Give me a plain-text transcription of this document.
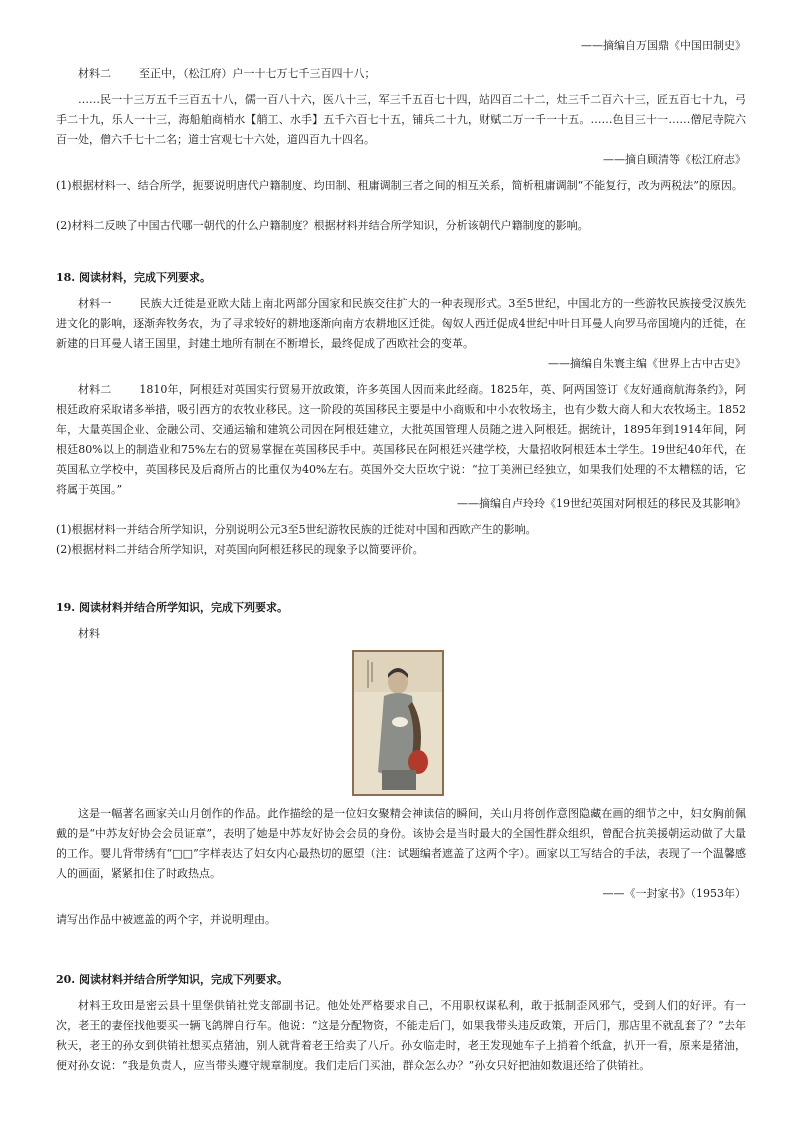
——摘编自万国鼎《中国田制史》

材料二	至正中，（松江府）户一十七万七千三百四十八；

……民一十三万五千三百五十八，儒一百八十六，医八十三，军三千五百七十四，站四百二十二，灶三千二百六十三，匠五百七十九，弓手二十九，乐人一十三，海船舶商梢水【艄工、水手】五千六百七十五，铺兵二十九，财赋二万一千一十五。……色目三十一……僧尼寺院六百一处，僧六千七十二名；道士宫观七十六处，道四百九十四名。

——摘自顾清等《松江府志》

(1)根据材料一、结合所学，扼要说明唐代户籍制度、均田制、租庸调制三者之间的相互关系，简析租庸调制“不能复行，改为两税法”的原因。

(2)材料二反映了中国古代哪一朝代的什么户籍制度？根据材料并结合所学知识，分析该朝代户籍制度的影响。

18. 阅读材料，完成下列要求。

材料一	民族大迁徙是亚欧大陆上南北两部分国家和民族交往扩大的一种表现形式。3至5世纪，中国北方的一些游牧民族接受汉族先进文化的影响，逐渐奔牧务农，为了寻求较好的耕地逐渐向南方农耕地区迁徙。匈奴人西迁促成4世纪中叶日耳曼人向罗马帝国境内的迁徙，在新建的日耳曼人诸王国里，封建土地所有制在不断增长，最终促成了西欧社会的变革。

——摘编自朱寰主编《世界上古中古史》

材料二	1810年，阿根廷对英国实行贸易开放政策，许多英国人因而来此经商。1825年，英、阿两国签订《友好通商航海条约》，阿根廷政府采取诸多举措，吸引西方的农牧业移民。这一阶段的英国移民主要是中小商贩和中小农牧场主，也有少数大商人和大农牧场主。1852年，大量英国企业、金融公司、交通运输和建筑公司因在阿根廷建立，大批英国管理人员随之进入阿根廷。据统计，1895年到1914年间，阿根廷80%以上的制造业和75%左右的贸易掌握在英国移民手中。英国移民在阿根廷兴建学校，大量招收阿根廷本土学生。19世纪40年代，在英国私立学校中，英国移民及后裔所占的比重仅为40%左右。英国外交大臣坎宁说：“拉丁美洲已经独立，如果我们处理的不太糟糕的话，它将属于英国。”

——摘编自卢玲玲《19世纪英国对阿根廷的移民及其影响》

(1)根据材料一并结合所学知识，分别说明公元3至5世纪游牧民族的迁徙对中国和西欧产生的影响。

(2)根据材料二并结合所学知识，对英国向阿根廷移民的现象予以简要评价。

19. 阅读材料并结合所学知识，完成下列要求。

材料

这是一幅著名画家关山月创作的作品。此作描绘的是一位妇女聚精会神读信的瞬间，关山月将创作意图隐藏在画的细节之中，妇女胸前佩戴的是“中苏友好协会会员证章”，表明了她是中苏友好协会会员的身份。该协会是当时最大的全国性群众组织，曾配合抗美援朝运动做了大量的工作。婴儿背带绣有“□□”字样表达了妇女内心最热切的愿望（注：试题编者遮盖了这两个字）。画家以工写结合的手法，表现了一个温馨感人的画面，紧紧扣住了时政热点。

——《一封家书》（1953年）

请写出作品中被遮盖的两个字，并说明理由。

20. 阅读材料并结合所学知识，完成下列要求。

材料王玫田是密云县十里堡供销社党支部副书记。他处处严格要求自己，不用职权谋私利，敢于抵制歪风邪气，受到人们的好评。有一次，老王的妻侄找他要买一辆飞鸽牌自行车。他说：“这是分配物资，不能走后门，如果我带头违反政策，开后门，那店里不就乱套了？”去年秋天，老王的孙女到供销社想买点猪油，别人就背着老王给卖了八斤。孙女临走时，老王发现她车子上捎着个纸盒，扒开一看，原来是猪油，便对孙女说：“我是负责人，应当带头遵守规章制度。我们走后门买油，群众怎么办？”孙女只好把油如数退还给了供销社。
